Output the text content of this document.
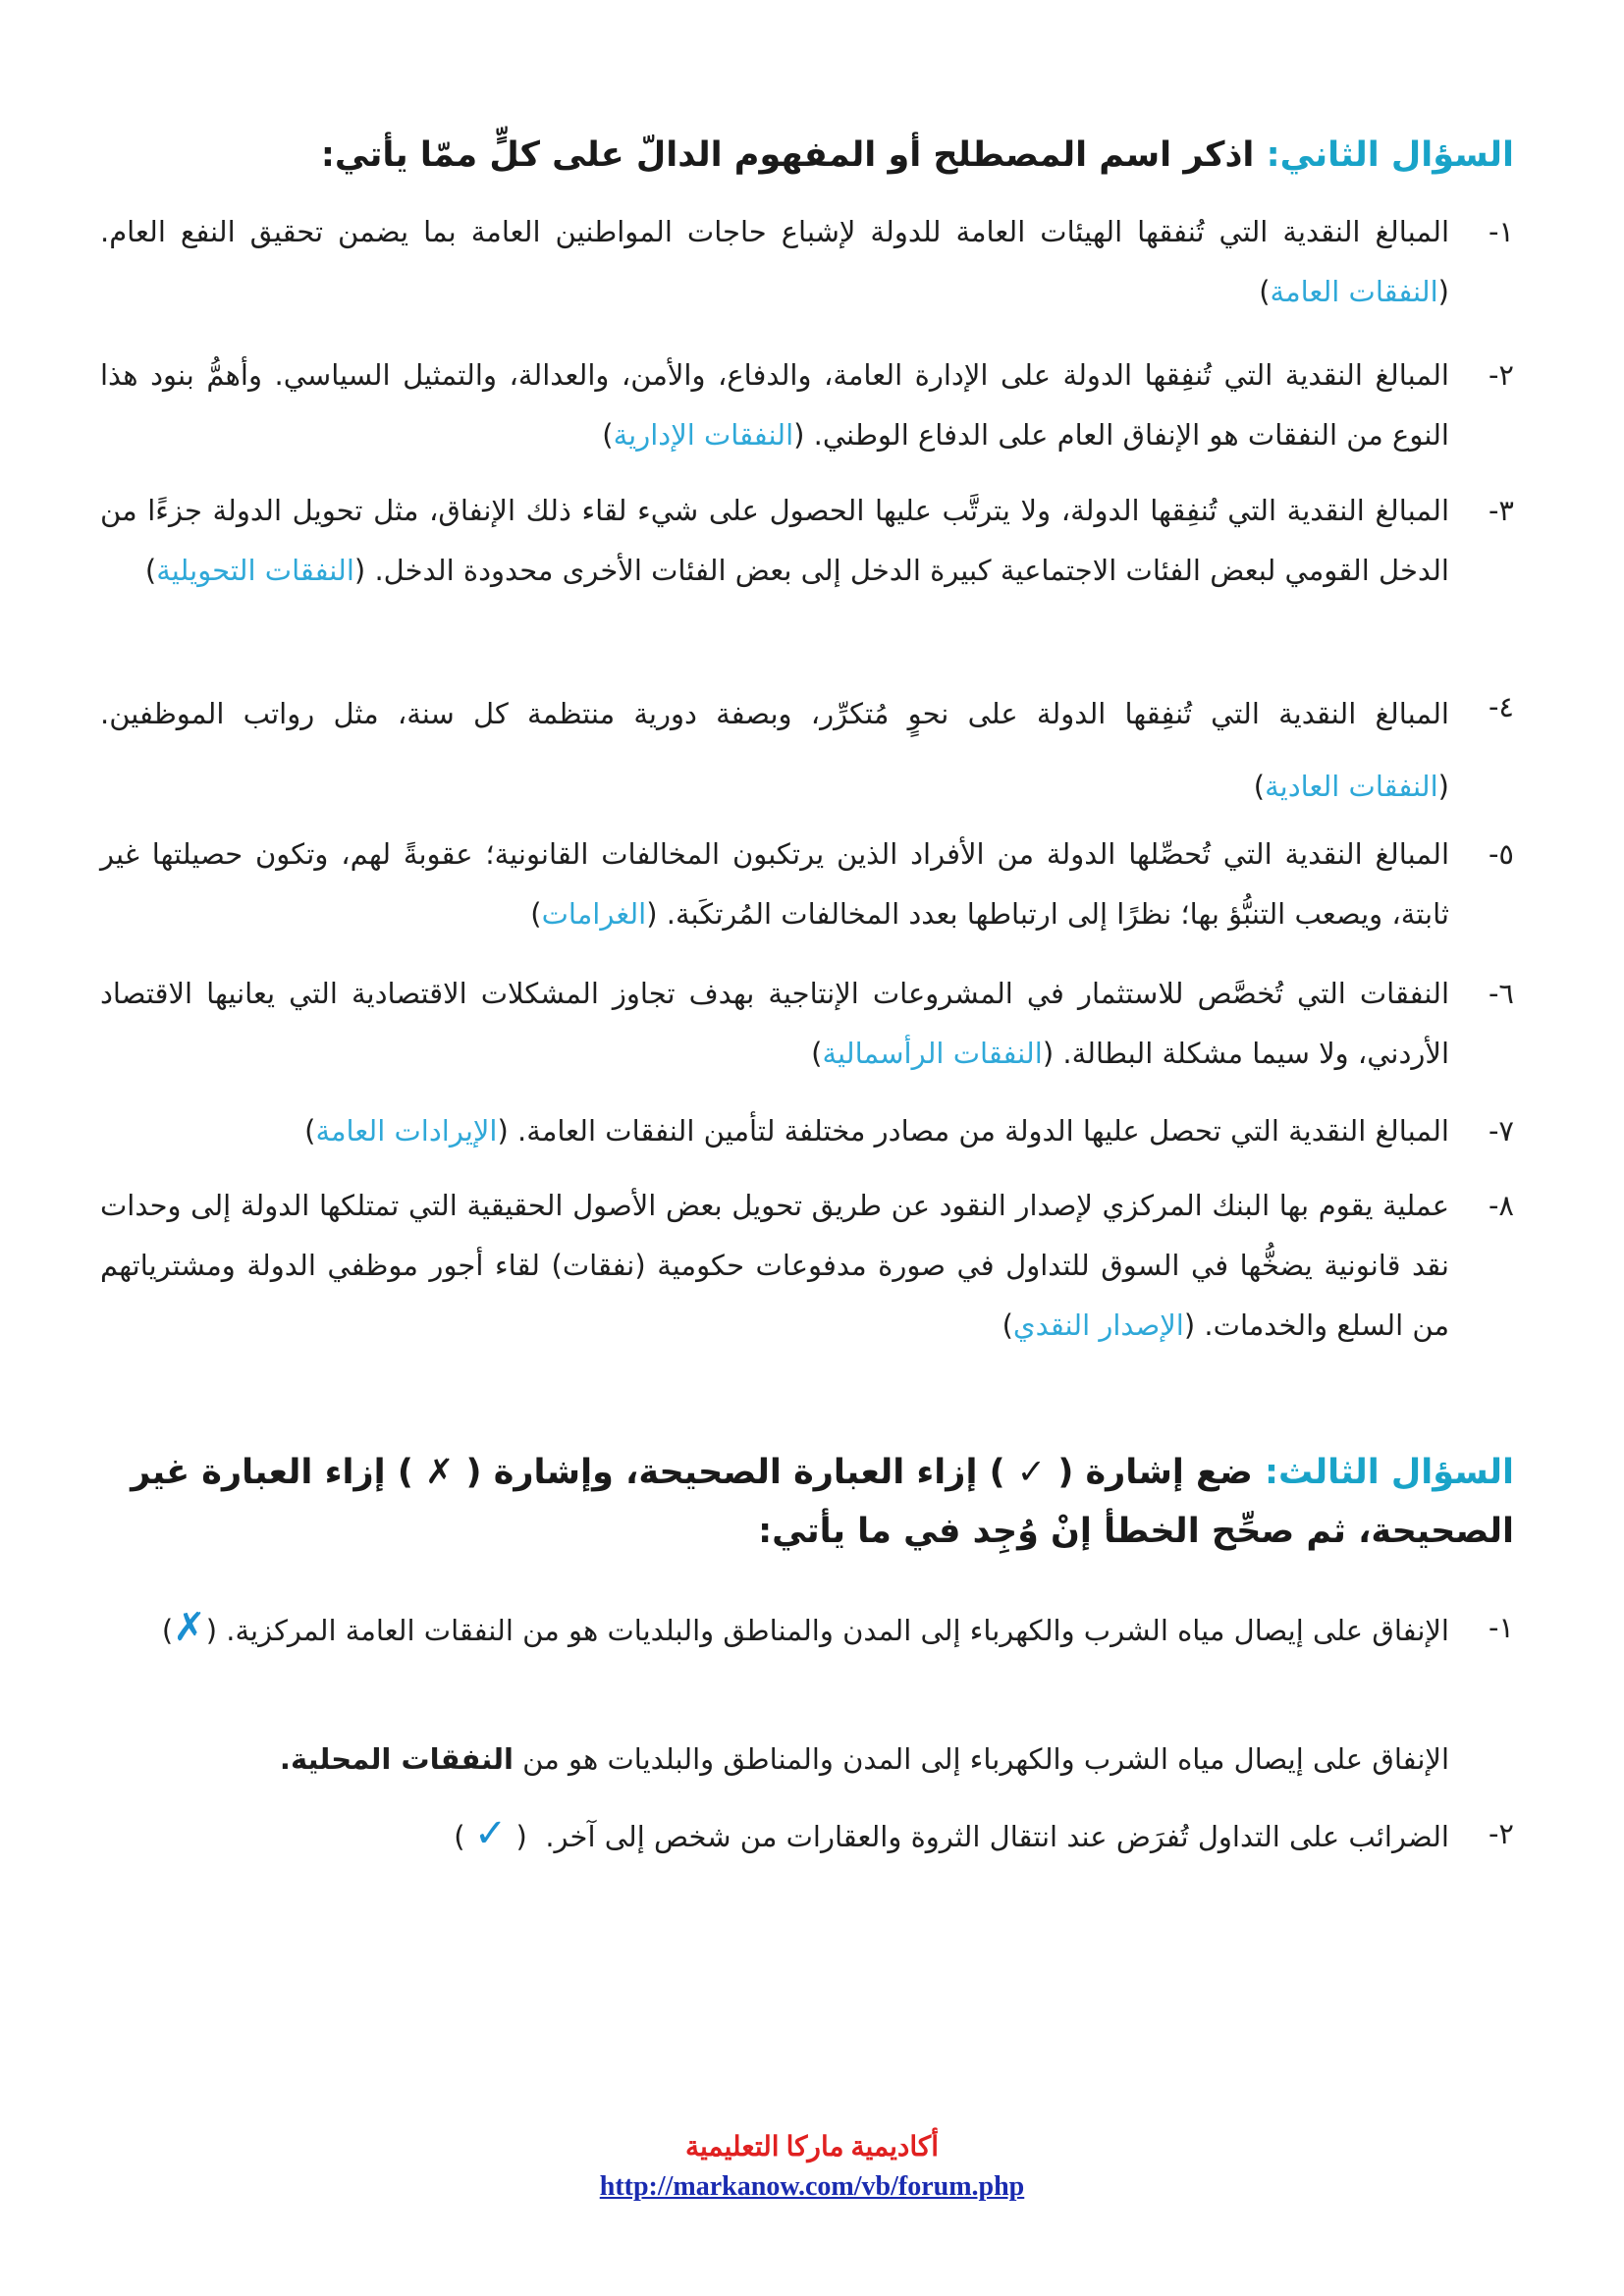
السؤال الثاني: اذكر اسم المصطلح أو المفهوم الدالّ على كلٍّ ممّا يأتي:
١-
المبالغ النقدية التي تُنفقها الهيئات العامة للدولة لإشباع حاجات المواطنين العامة بما يضمن تحقيق النفع العام. (النفقات العامة)
٢-
المبالغ النقدية التي تُنفِقها الدولة على الإدارة العامة، والدفاع، والأمن، والعدالة، والتمثيل السياسي. وأهمُّ بنود هذا النوع من النفقات هو الإنفاق العام على الدفاع الوطني. (النفقات الإدارية)
٣-
المبالغ النقدية التي تُنفِقها الدولة، ولا يترتَّب عليها الحصول على شيء لقاء ذلك الإنفاق، مثل تحويل الدولة جزءًا من الدخل القومي لبعض الفئات الاجتماعية كبيرة الدخل إلى بعض الفئات الأخرى محدودة الدخل. (النفقات التحويلية)
٤-
المبالغ النقدية التي تُنفِقها الدولة على نحوٍ مُتكرِّر، وبصفة دورية منتظمة كل سنة، مثل رواتب الموظفين. (النفقات العادية)
٥-
المبالغ النقدية التي تُحصِّلها الدولة من الأفراد الذين يرتكبون المخالفات القانونية؛ عقوبةً لهم، وتكون حصيلتها غير ثابتة، ويصعب التنبُّؤ بها؛ نظرًا إلى ارتباطها بعدد المخالفات المُرتكَبة. (الغرامات)
٦-
النفقات التي تُخصَّص للاستثمار في المشروعات الإنتاجية بهدف تجاوز المشكلات الاقتصادية التي يعانيها الاقتصاد الأردني، ولا سيما مشكلة البطالة. (النفقات الرأسمالية)
٧-
المبالغ النقدية التي تحصل عليها الدولة من مصادر مختلفة لتأمين النفقات العامة. (الإيرادات العامة)
٨-
عملية يقوم بها البنك المركزي لإصدار النقود عن طريق تحويل بعض الأصول الحقيقية التي تمتلكها الدولة إلى وحدات نقد قانونية يضخُّها في السوق للتداول في صورة مدفوعات حكومية (نفقات) لقاء أجور موظفي الدولة ومشترياتهم من السلع والخدمات. (الإصدار النقدي)
السؤال الثالث: ضع إشارة ( ✓ ) إزاء العبارة الصحيحة، وإشارة ( ✗ ) إزاء العبارة غير الصحيحة، ثم صحِّح الخطأ إنْ وُجِد في ما يأتي:
١-
الإنفاق على إيصال مياه الشرب والكهرباء إلى المدن والمناطق والبلديات هو من النفقات العامة المركزية. (✗)
الإنفاق على إيصال مياه الشرب والكهرباء إلى المدن والمناطق والبلديات هو من النفقات المحلية.
٢-
الضرائب على التداول تُفرَض عند انتقال الثروة والعقارات من شخص إلى آخر.  ( ✓ )
أكاديمية ماركا التعليمية
http://markanow.com/vb/forum.php
